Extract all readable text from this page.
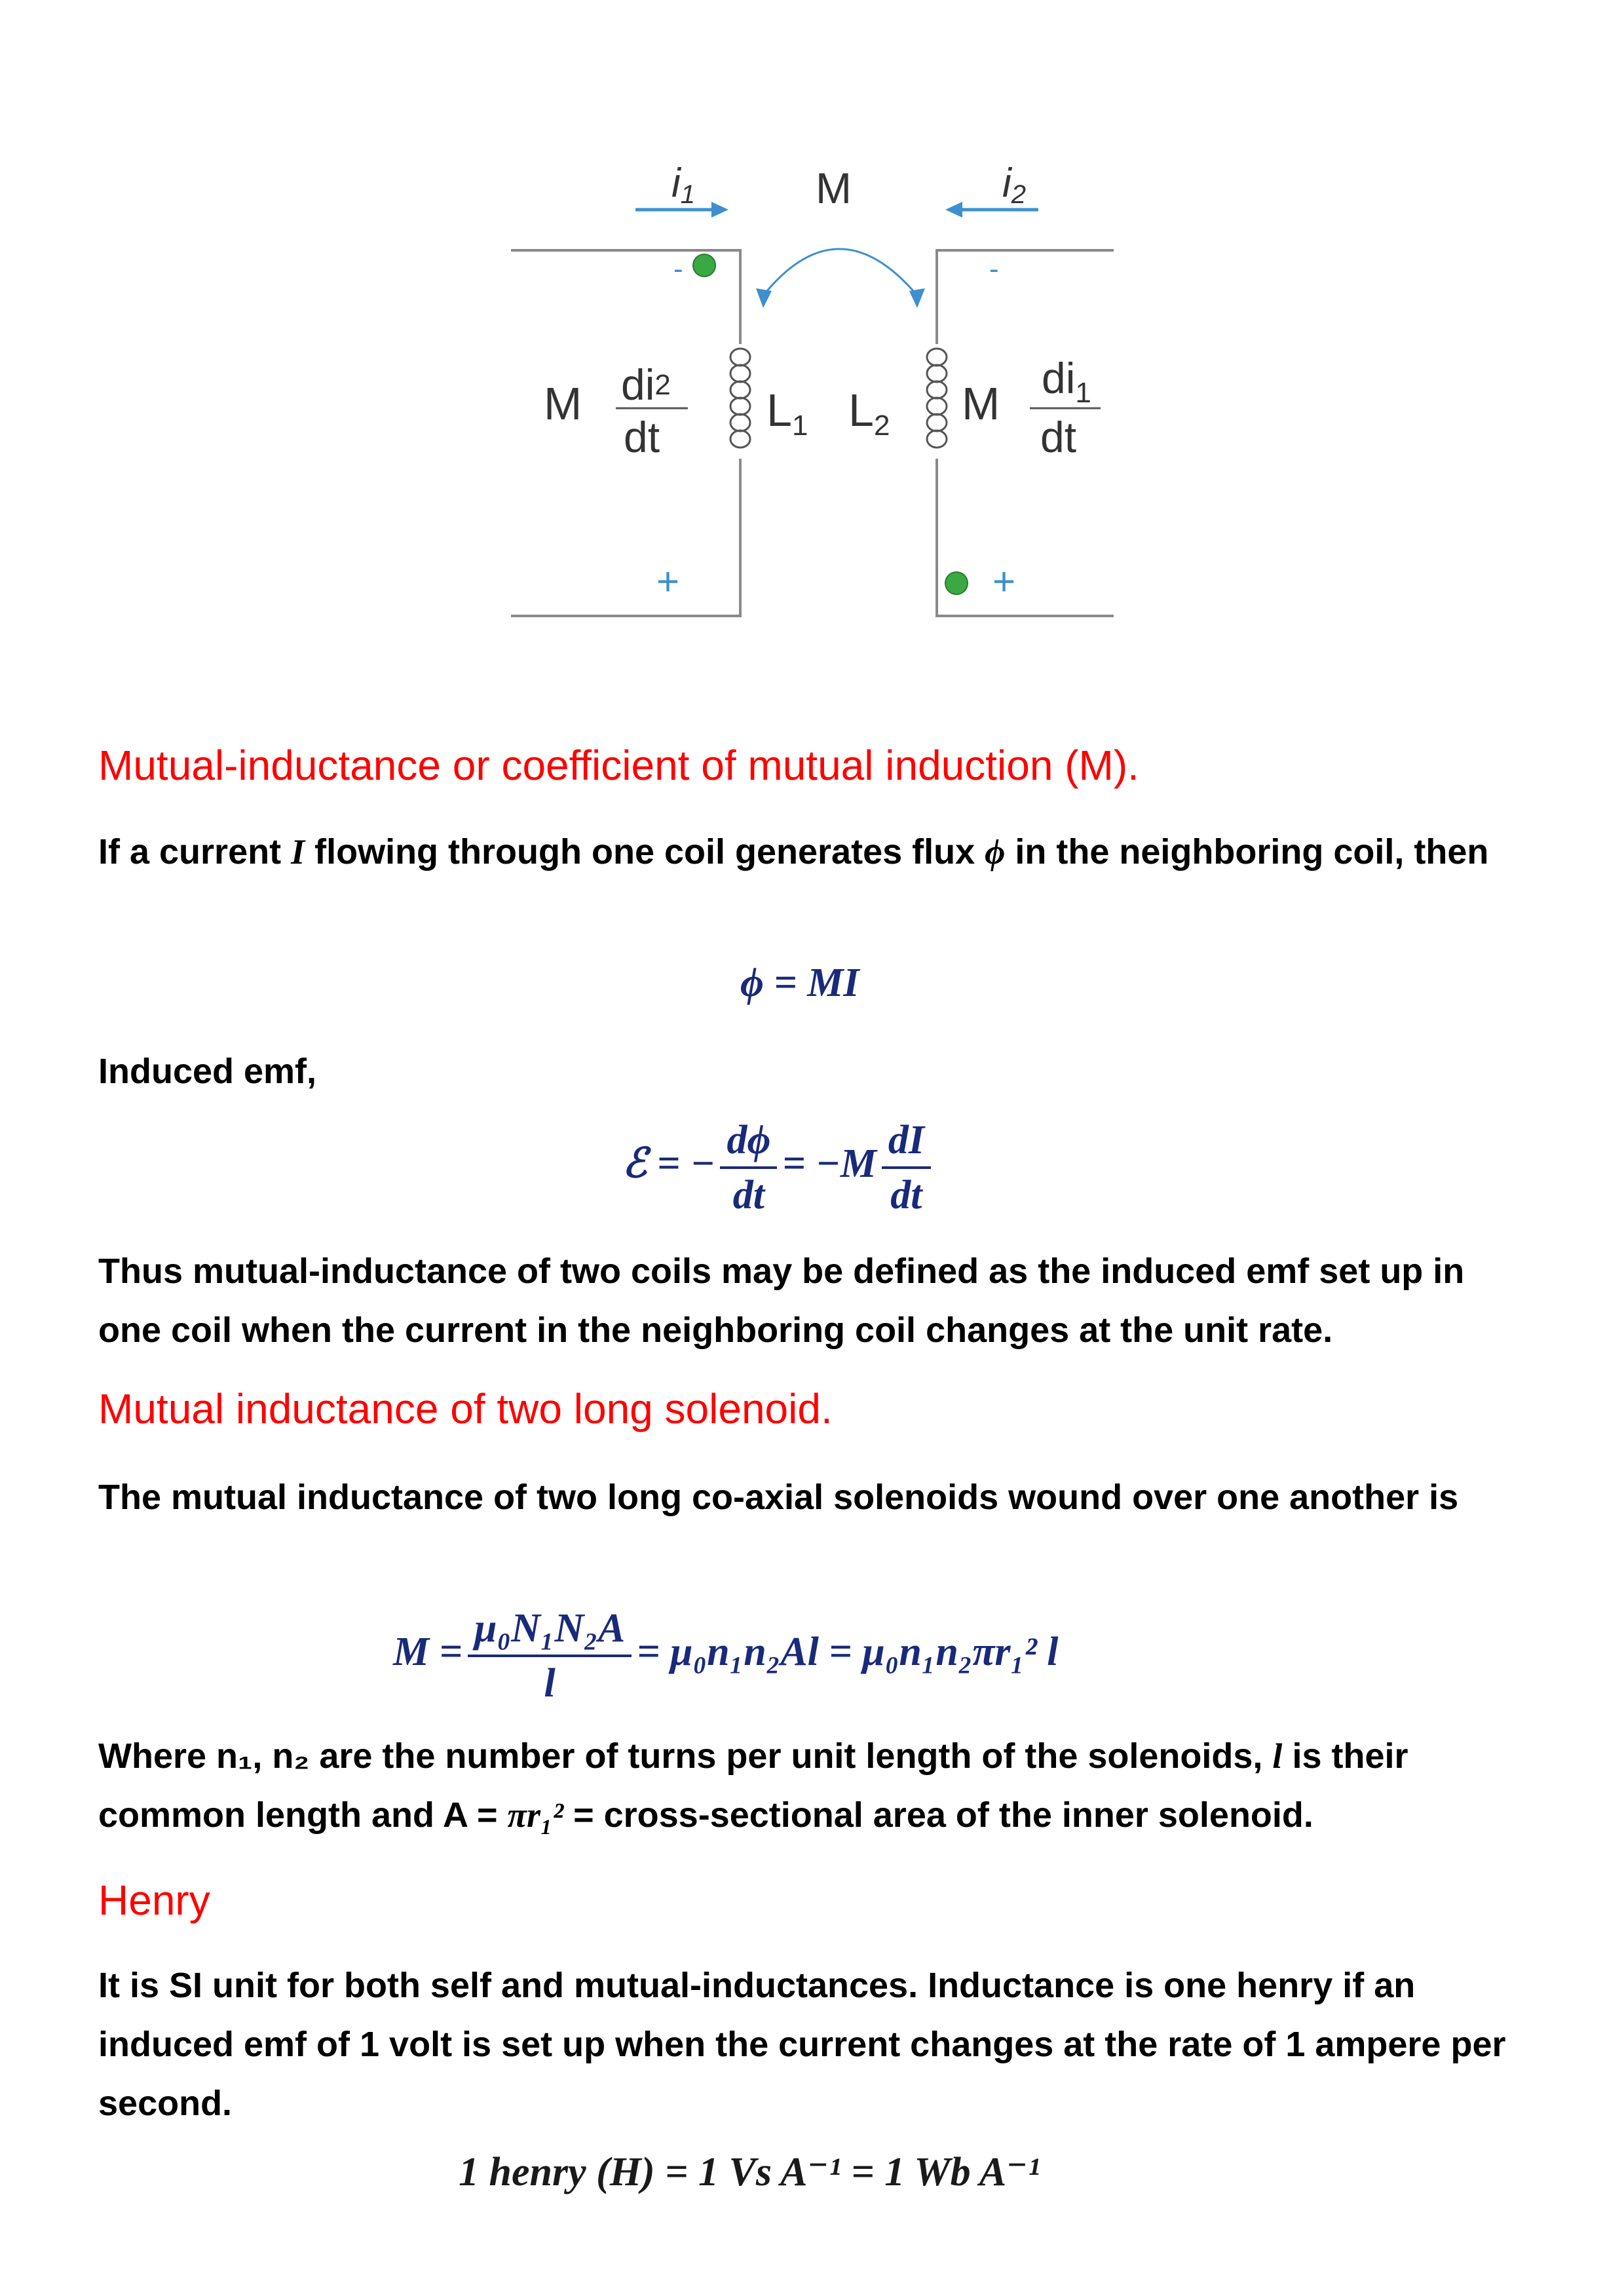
i1	M	i2
-	-
M di2
dt
$L_1$ $L_2$ M $di_1$
dt
+	+
Mutual-inductance or coefficient of mutual induction (M).

If a current I flowing through one coil generates flux ϕ in the neighboring coil, then

ϕ = MI

Induced emf,

ℰ = − $\frac{d\phi}{dt} = -M \frac{dI}{dt}$

Thus mutual-inductance of two coils may be defined as the induced emf set up in one coil when the current in the neighboring coil changes at the unit rate.

Mutual inductance of two long solenoid.

The mutual inductance of two long co-axial solenoids wound over one another is

$M = \frac{\text{μ₀N₁N₂A}}{l} = \mu_0n_1n_2Al = \mu_0n_1n_2\pi r_1^2$ l

Where n₁, n₂ are the number of turns per unit length of the solenoids, l is their common length and A = πr₁² = cross-sectional area of the inner solenoid.

Henry

It is SI unit for both self and mutual-inductances. Inductance is one henry if an induced emf of 1 volt is set up when the current changes at the rate of 1 ampere per second.

1 henry (H) = 1 Vs A⁻¹ = 1 Wb A⁻¹
